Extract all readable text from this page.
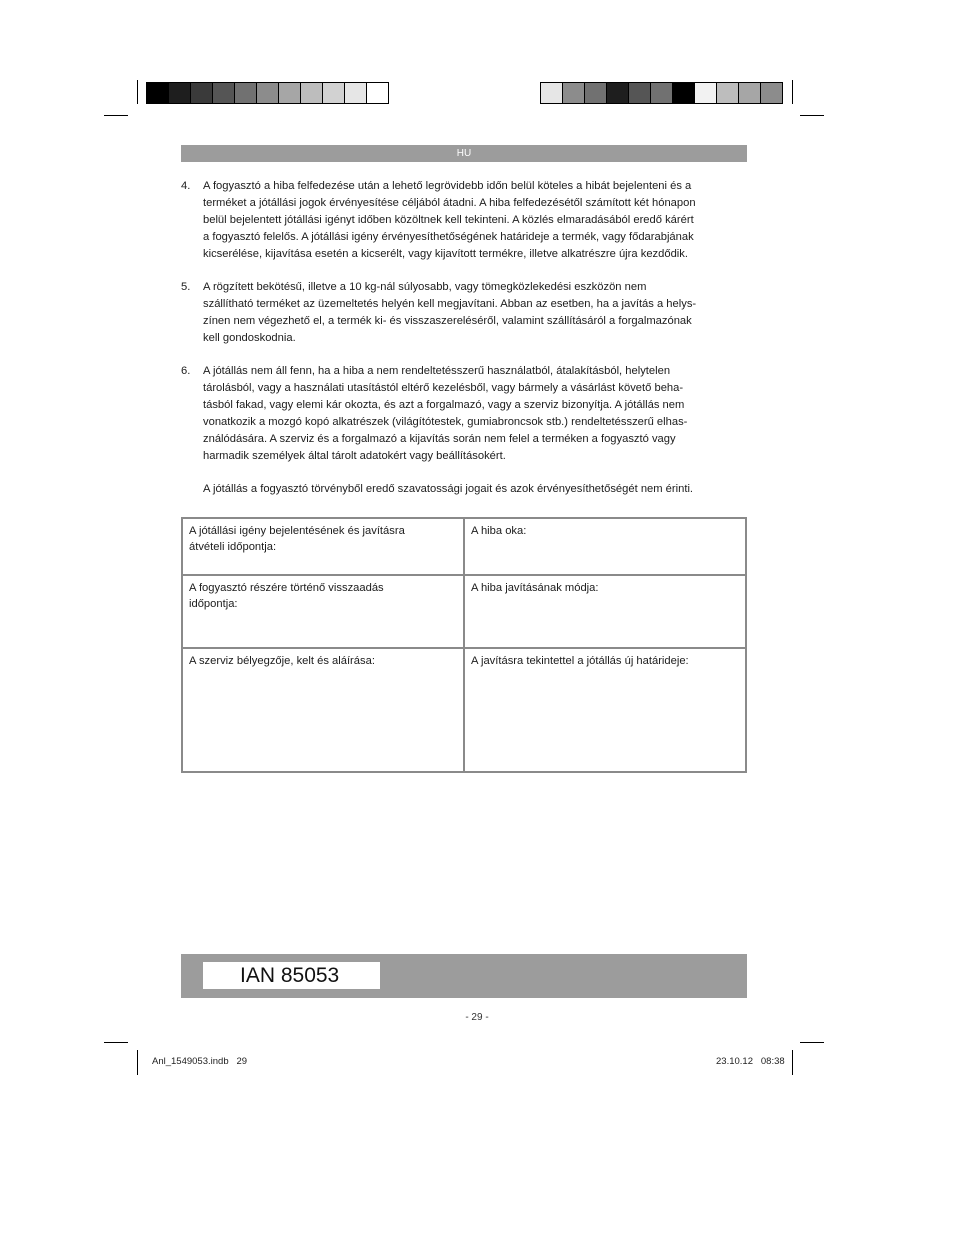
HU
4. A fogyasztó a hiba felfedezése után a lehető legrövidebb időn belül köteles a hibát bejelenteni és a
terméket a jótállási jogok érvényesítése céljából átadni. A hiba felfedezésétől számított két hónapon
belül bejelentett jótállási igényt időben közöltnek kell tekinteni. A közlés elmaradásából eredő kárért
a fogyasztó felelős. A jótállási igény érvényesíthetőségének határideje a termék, vagy fődarabjának
kicserélése, kijavítása esetén a kicserélt, vagy kijavított termékre, illetve alkatrészre újra kezdődik.
5. A rögzített bekötésű, illetve a 10 kg-nál súlyosabb, vagy tömegközlekedési eszközön nem
szállítható terméket az üzemeltetés helyén kell megjavítani. Abban az esetben, ha a javítás a helys-
zínen nem végezhető el, a termék ki- és visszaszereléséről, valamint szállításáról a forgalmazónak
kell gondoskodnia.
6. A jótállás nem áll fenn, ha a hiba a nem rendeltetésszerű használatból, átalakításból, helytelen
tárolásból, vagy a használati utasítástól eltérő kezelésből, vagy bármely a vásárlást követő beha-
tásból fakad, vagy elemi kár okozta, és azt a forgalmazó, vagy a szerviz bizonyítja. A jótállás nem
vonatkozik a mozgó kopó alkatrészek (világítótestek, gumiabroncsok stb.) rendeltetésszerű elhas-
ználódására. A szerviz és a forgalmazó a kijavítás során nem felel a terméken a fogyasztó vagy
harmadik személyek által tárolt adatokért vagy beállításokért.
A jótállás a fogyasztó törvényből eredő szavatossági jogait és azok érvényesíthetőségét nem érinti.
A jótállási igény bejelentésének és javításra
átvételi időpontja:	A hiba oka:

A fogyasztó részére történő visszaadás
időpontja:	A hiba javításának módja:

A szerviz bélyegzője, kelt és aláírása:	A javításra tekintettel a jótállás új határideje:
IAN 85053
- 29 -
Anl_1549053.indb   29	23.10.12   08:38
